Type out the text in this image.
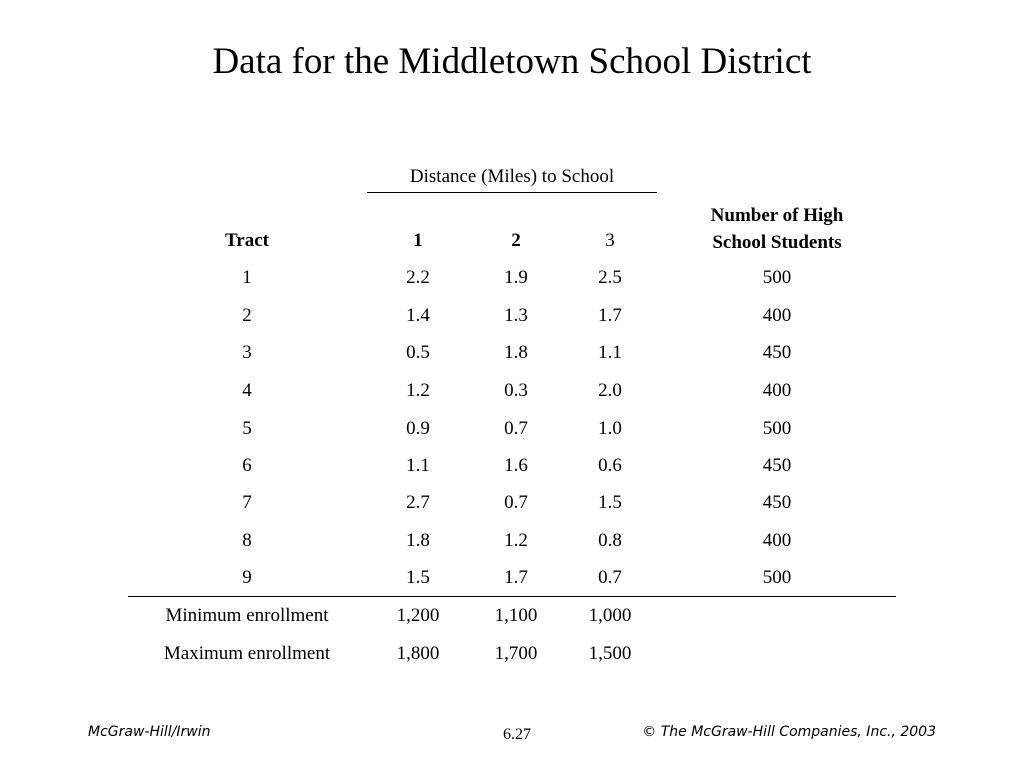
Data for the Middletown School District
Distance (Miles) to School
Tract	1	2	3
Number of High
School Students
1	2.2	1.9	2.5	500
2	1.4	1.3	1.7	400
3	0.5	1.8	1.1	450
4	1.2	0.3	2.0	400
5	0.9	0.7	1.0	500
6	1.1	1.6	0.6	450
7	2.7	0.7	1.5	450
8	1.8	1.2	0.8	400
9	1.5	1.7	0.7	500
Minimum enrollment	1,200	1,100	1,000
Maximum enrollment	1,800	1,700	1,500
McGraw-Hill/Irwin	6.27	© The McGraw-Hill Companies, Inc., 2003
